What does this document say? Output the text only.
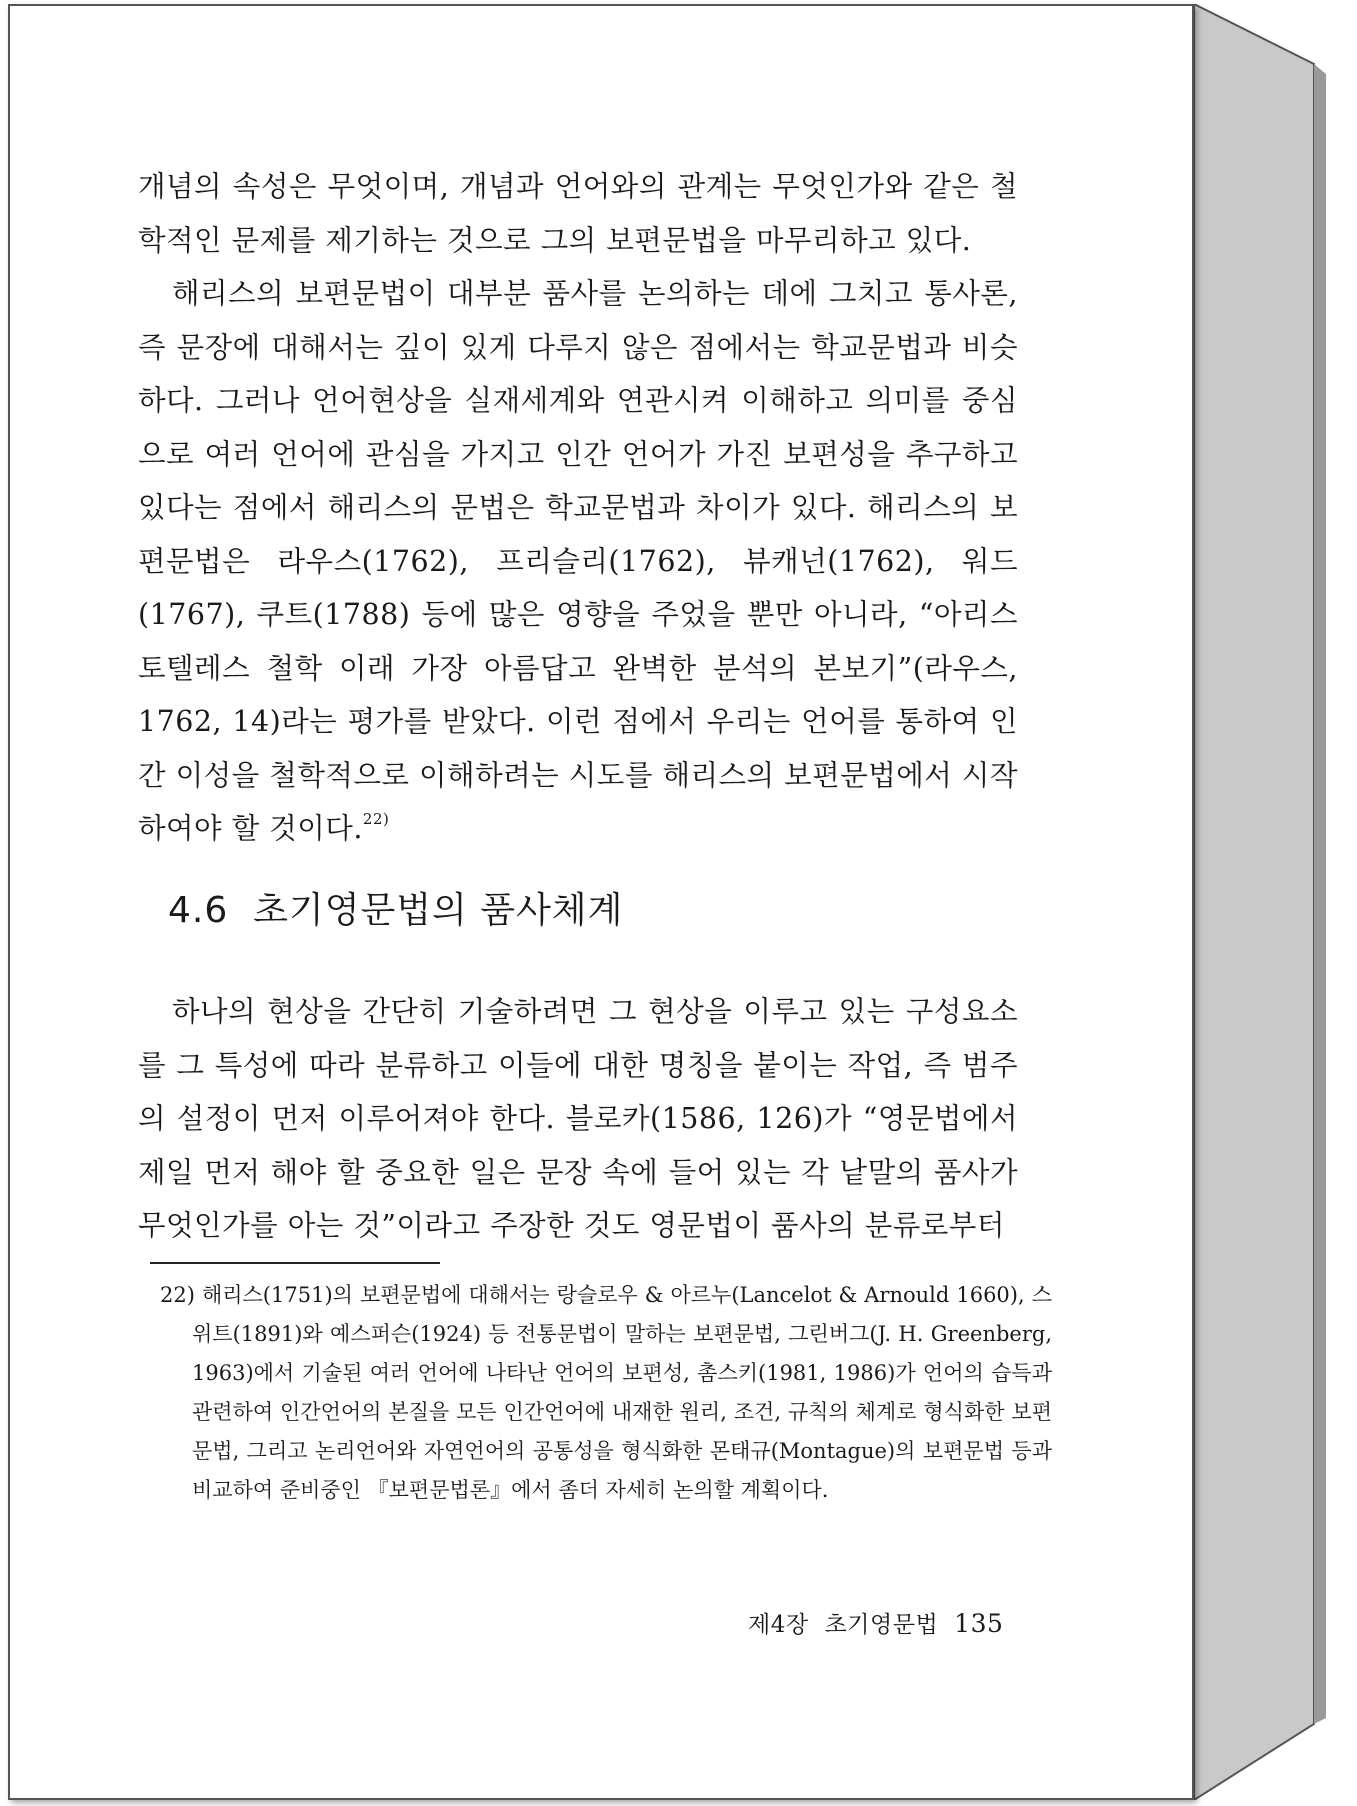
개념의 속성은 무엇이며, 개념과 언어와의 관계는 무엇인가와 같은 철학적인 문제를 제기하는 것으로 그의 보편문법을 마무리하고 있다.

해리스의 보편문법이 대부분 품사를 논의하는 데에 그치고 통사론, 즉 문장에 대해서는 깊이 있게 다루지 않은 점에서는 학교문법과 비슷하다. 그러나 언어현상을 실재세계와 연관시켜 이해하고 의미를 중심으로 여러 언어에 관심을 가지고 인간 언어가 가진 보편성을 추구하고 있다는 점에서 해리스의 문법은 학교문법과 차이가 있다. 해리스의 보편문법은 라우스(1762), 프리슬리(1762), 뷰캐넌(1762), 워드(1767), 쿠트(1788) 등에 많은 영향을 주었을 뿐만 아니라, “아리스토텔레스 철학 이래 가장 아름답고 완벽한 분석의 본보기”(라우스, 1762, 14)라는 평가를 받았다. 이런 점에서 우리는 언어를 통하여 인간 이성을 철학적으로 이해하려는 시도를 해리스의 보편문법에서 시작하여야 할 것이다.$^{22)}$

4.6 초기영문법의 품사체계

하나의 현상을 간단히 기술하려면 그 현상을 이루고 있는 구성요소를 그 특성에 따라 분류하고 이들에 대한 명칭을 붙이는 작업, 즉 범주의 설정이 먼저 이루어져야 한다. 블로카(1586, 126)가 “영문법에서 제일 먼저 해야 할 중요한 일은 문장 속에 들어 있는 각 낱말의 품사가 무엇인가를 아는 것”이라고 주장한 것도 영문법이 품사의 분류로부터

22) 해리스(1751)의 보편문법에 대해서는 랑슬로우 & 아르누(Lancelot & Arnould 1660), 스위트(1891)와 예스퍼슨(1924) 등 전통문법이 말하는 보편문법, 그린버그(J. H. Greenberg, 1963)에서 기술된 여러 언어에 나타난 언어의 보편성, 촘스키(1981, 1986)가 언어의 습득과 관련하여 인간언어의 본질을 모든 인간언어에 내재한 원리, 조건, 규칙의 체계로 형식화한 보편문법, 그리고 논리언어와 자연언어의 공통성을 형식화한 몬태규(Montague)의 보편문법 등과 비교하여 준비중인 『보편문법론』에서 좀더 자세히 논의할 계획이다.

제4장 초기영문법 135
